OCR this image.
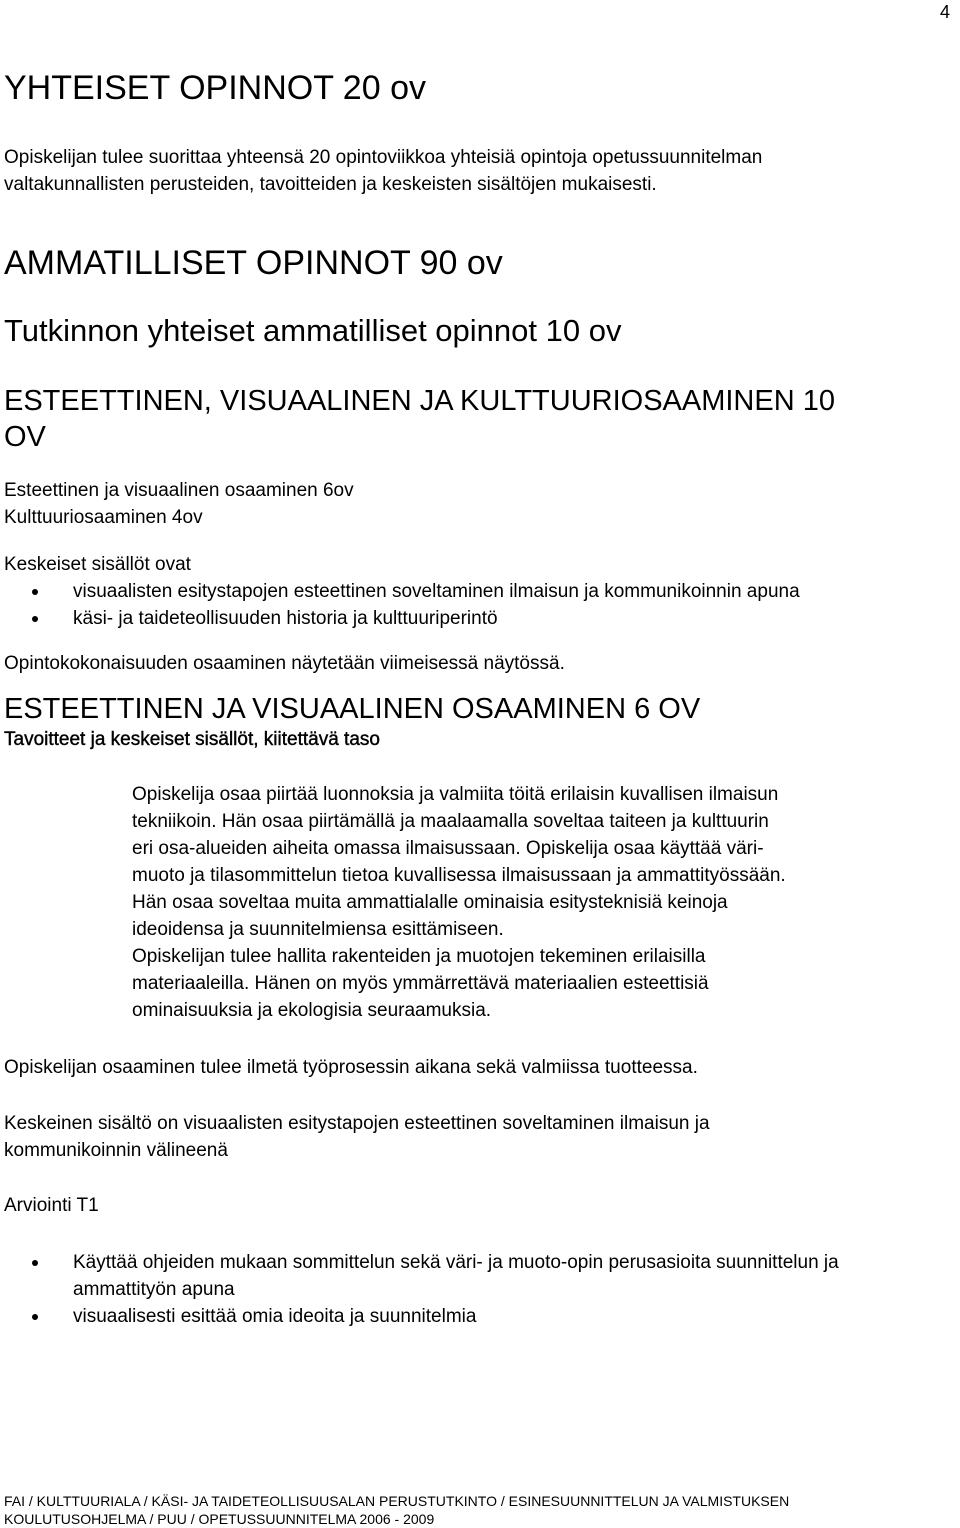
4
YHTEISET OPINNOT 20 ov

Opiskelijan tulee suorittaa yhteensä 20 opintoviikkoa yhteisiä opintoja opetussuunnitelman

valtakunnallisten perusteiden, tavoitteiden ja keskeisten sisältöjen mukaisesti.

AMMATILLISET OPINNOT 90 ov
Tutkinnon yhteiset ammatilliset opinnot 10 ov
ESTEETTINEN, VISUAALINEN JA KULTTUURIOSAAMINEN 10
OV

Esteettinen ja visuaalinen osaaminen 6ov

Kulttuuriosaaminen 4ov

Keskeiset sisällöt ovat

visuaalisten esitystapojen esteettinen soveltaminen ilmaisun ja kommunikoinnin apuna
käsi- ja taideteollisuuden historia ja kulttuuriperintö

Opintokokonaisuuden osaaminen näytetään viimeisessä näytössä.

ESTEETTINEN JA VISUAALINEN OSAAMINEN 6 OV

Tavoitteet ja keskeiset sisällöt, kiitettävä taso

Opiskelija osaa piirtää luonnoksia ja valmiita töitä erilaisin kuvallisen ilmaisun

tekniikoin. Hän osaa piirtämällä ja maalaamalla soveltaa taiteen ja kulttuurin

eri osa-alueiden aiheita omassa ilmaisussaan. Opiskelija osaa käyttää väri-

muoto ja tilasommittelun tietoa kuvallisessa ilmaisussaan ja ammattityössään.

Hän osaa soveltaa muita ammattialalle ominaisia esitysteknisiä keinoja

ideoidensa ja suunnitelmiensa esittämiseen.

Opiskelijan tulee hallita rakenteiden ja muotojen tekeminen erilaisilla

materiaaleilla. Hänen on myös ymmärrettävä materiaalien esteettisiä

ominaisuuksia ja ekologisia seuraamuksia.

Opiskelijan osaaminen tulee ilmetä työprosessin aikana sekä valmiissa tuotteessa.

Keskeinen sisältö on visuaalisten esitystapojen esteettinen soveltaminen ilmaisun ja

kommunikoinnin välineenä

Arviointi T1

Käyttää ohjeiden mukaan sommittelun sekä väri- ja muoto-opin perusasioita suunnittelun ja ammattityön apuna
visuaalisesti esittää omia ideoita ja suunnitelmia
FAI / KULTTUURIALA / KÄSI- JA TAIDETEOLLISUUSALAN PERUSTUTKINTO / ESINESUUNNITTELUN JA VALMISTUKSEN
KOULUTUSOHJELMA / PUU / OPETUSSUUNNITELMA 2006 - 2009
